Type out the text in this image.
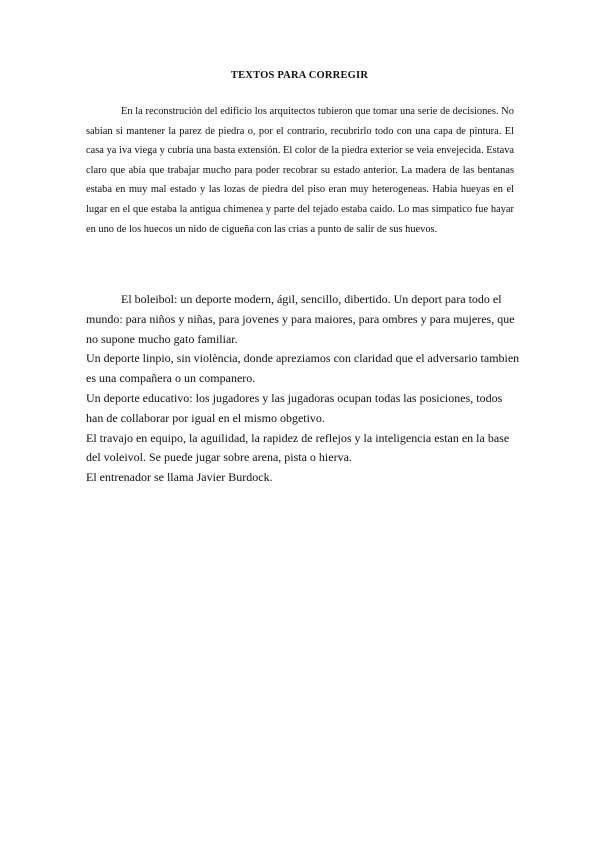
TEXTOS PARA CORREGIR

En la reconstrución del edificio los arquitectos tubieron que tomar una serie de decisiones. No sabian si mantener la parez de piedra o, por el contrario, recubrirlo todo con una capa de pintura. El casa ya iva viega y cubría una basta extensión. El color de la piedra exterior se veia envejecida. Estava claro que abía que trabajar mucho para poder recobrar su estado anterior. La madera de las bentanas estaba en muy mal estado y las lozas de piedra del piso eran muy heterogeneas. Habia hueyas en el lugar en el que estaba la antigua chimenea y parte del tejado estaba caido. Lo mas simpatico fue hayar en uno de los huecos un nido de cigueña con las crias a punto de salir de sus huevos.

El boleibol: un deporte modern, ágil, sencillo, dibertido. Un deport para todo el mundo: para niños y niñas, para jovenes y para maiores, para ombres y para mujeres, que no supone mucho gato familiar.

Un deporte linpio, sin violència, donde apreziamos con claridad que el adversario tambien es una compañera o un companero.

Un deporte educativo: los jugadores y las jugadoras ocupan todas las posiciones, todos han de collaborar por igual en el mismo obgetivo.

El travajo en equipo, la aguilidad, la rapidez de reflejos y la inteligencia estan en la base del voleivol. Se puede jugar sobre arena, pista o hierva.

El entrenador se llama Javier Burdock.
